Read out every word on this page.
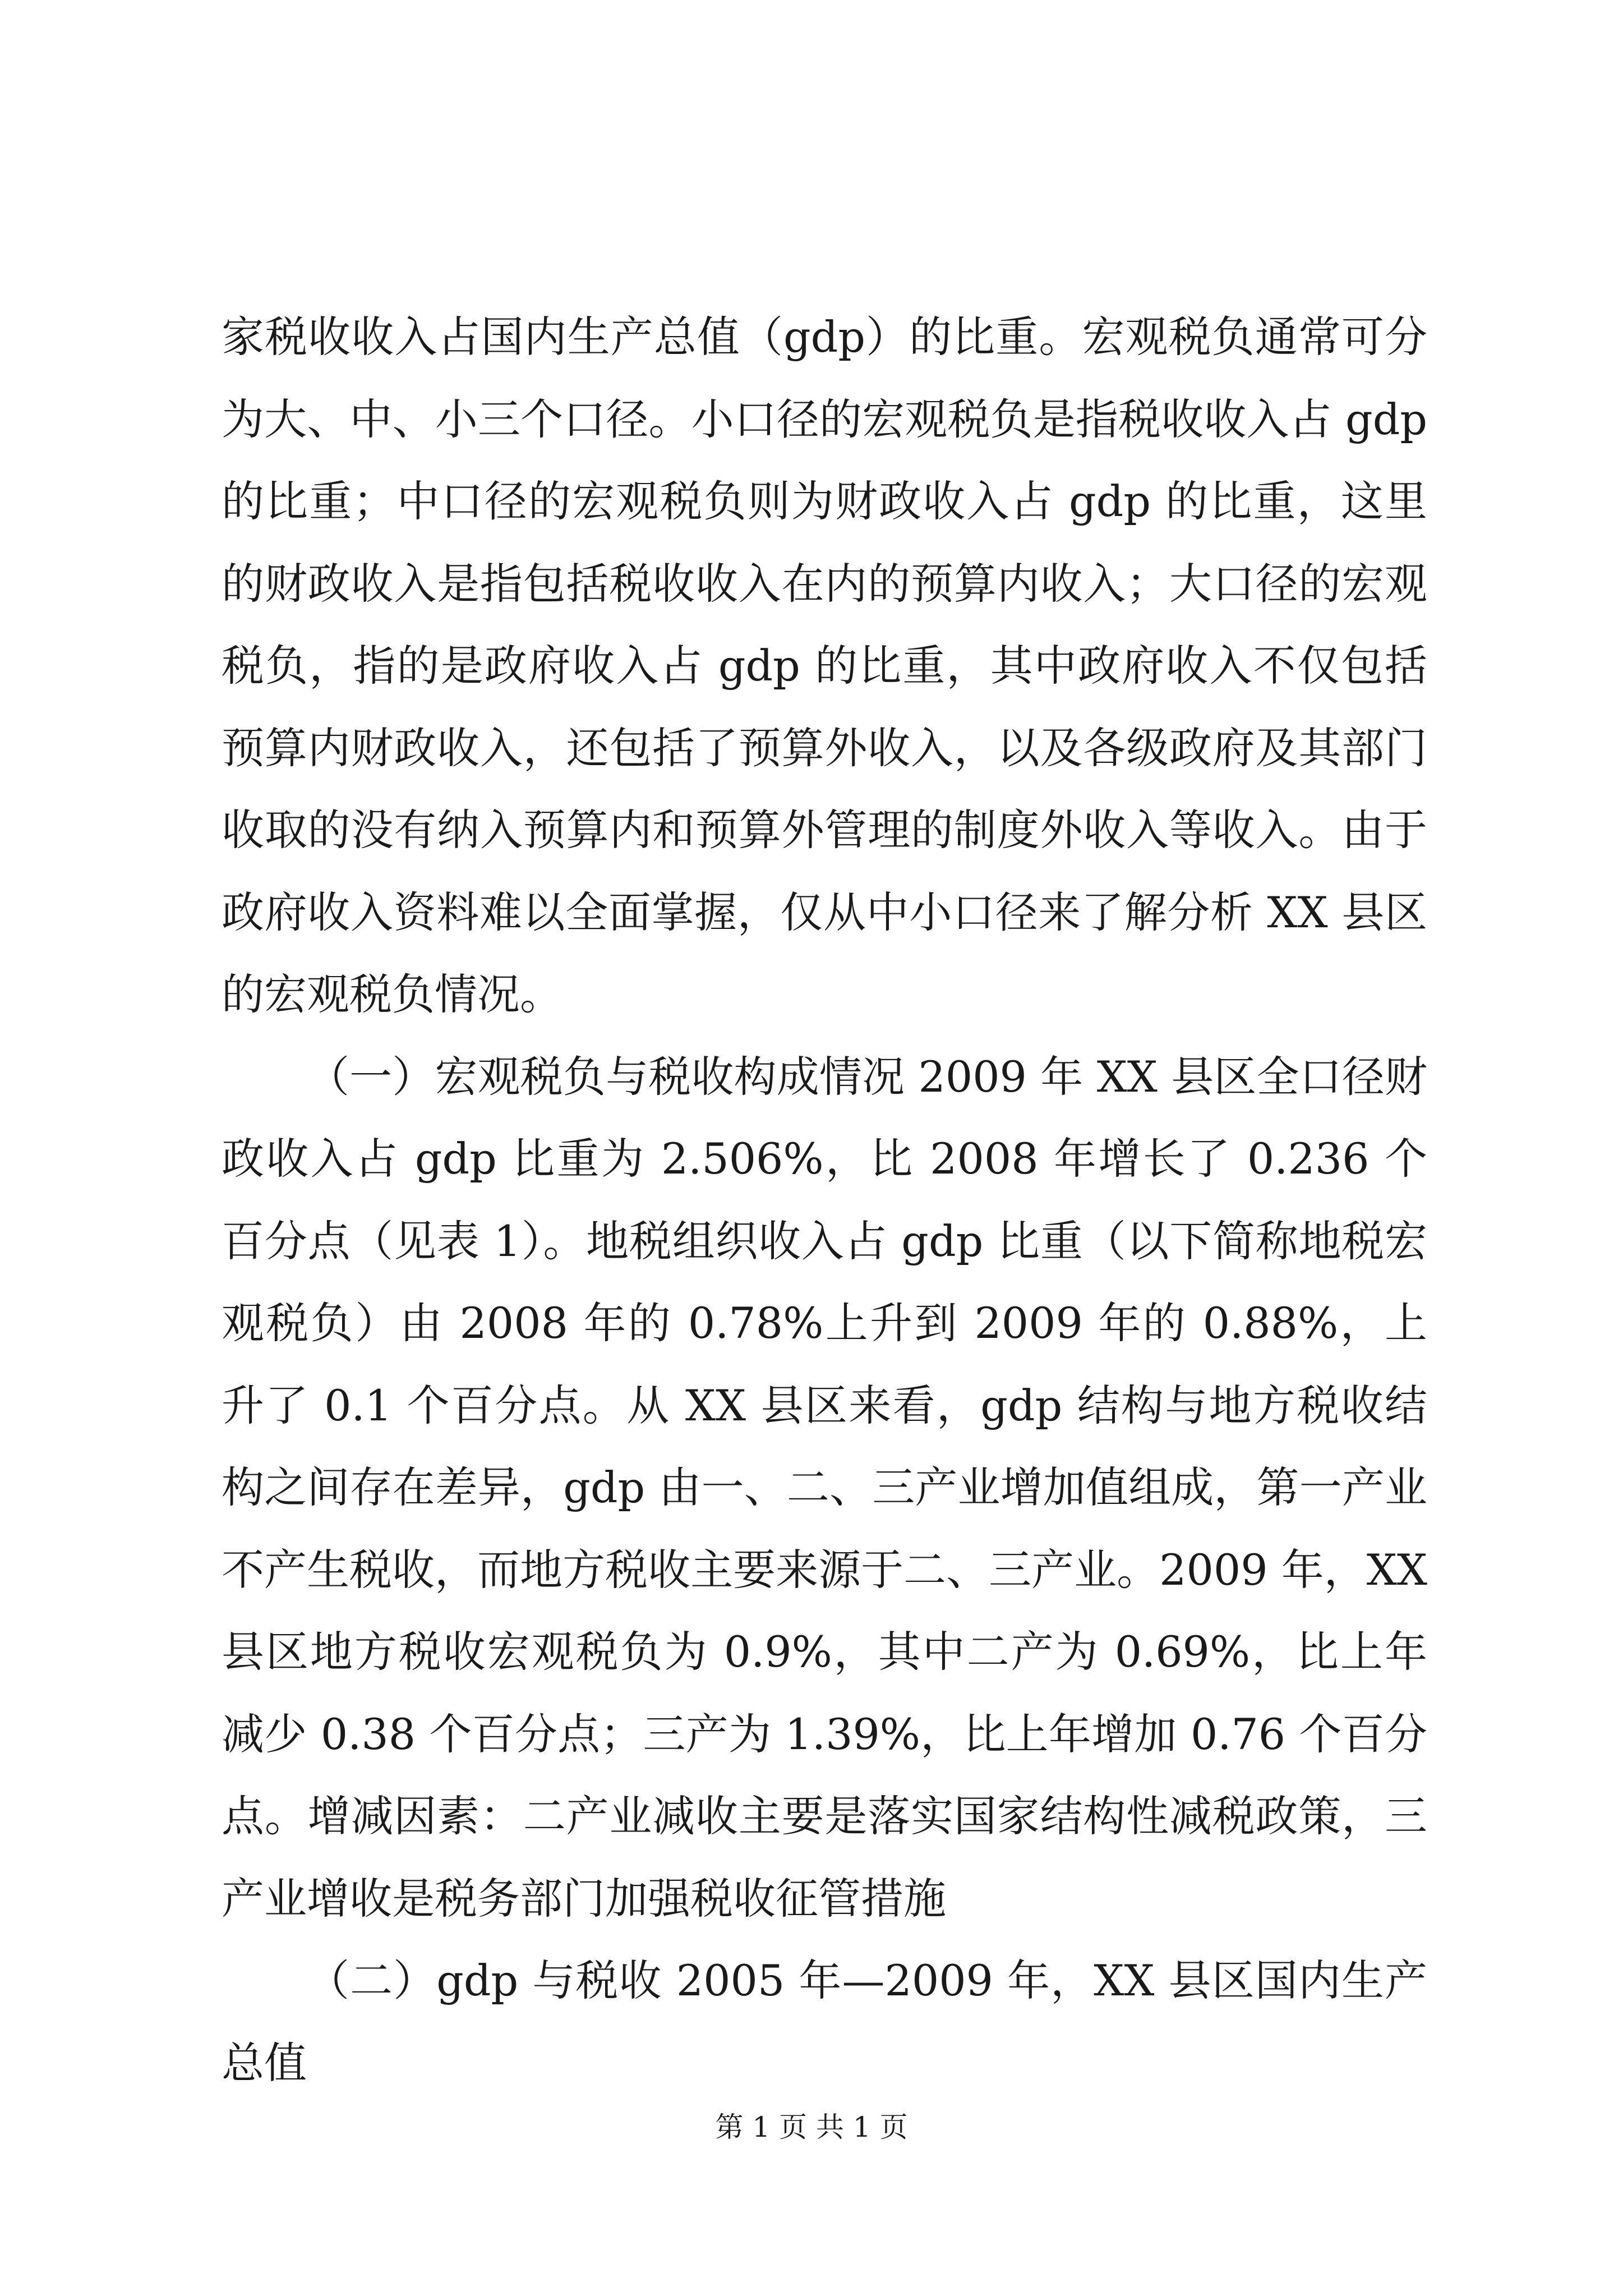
家税收收入占国内生产总值（gdp）的比重。宏观税负通常可分为大、中、小三个口径。小口径的宏观税负是指税收收入占 gdp 的比重；中口径的宏观税负则为财政收入占 gdp 的比重，这里的财政收入是指包括税收收入在内的预算内收入；大口径的宏观税负，指的是政府收入占 gdp 的比重，其中政府收入不仅包括预算内财政收入，还包括了预算外收入，以及各级政府及其部门收取的没有纳入预算内和预算外管理的制度外收入等收入。由于政府收入资料难以全面掌握，仅从中小口径来了解分析 XX 县区的宏观税负情况。

（一）宏观税负与税收构成情况 2009 年 XX 县区全口径财政收入占 gdp 比重为 2.506%，比 2008 年增长了 0.236 个百分点（见表 1）。地税组织收入占 gdp 比重（以下简称地税宏观税负）由 2008 年的 0.78%上升到 2009 年的 0.88%，上升了 0.1 个百分点。从 XX 县区来看，gdp 结构与地方税收结构之间存在差异，gdp 由一、二、三产业增加值组成，第一产业不产生税收，而地方税收主要来源于二、三产业。2009 年，XX 县区地方税收宏观税负为 0.9%，其中二产为 0.69%，比上年减少 0.38 个百分点；三产为 1.39%，比上年增加 0.76 个百分点。增减因素：二产业减收主要是落实国家结构性减税政策，三产业增收是税务部门加强税收征管措施

（二）gdp 与税收 2005 年—2009 年，XX 县区国内生产总值

第 1 页 共 1 页
